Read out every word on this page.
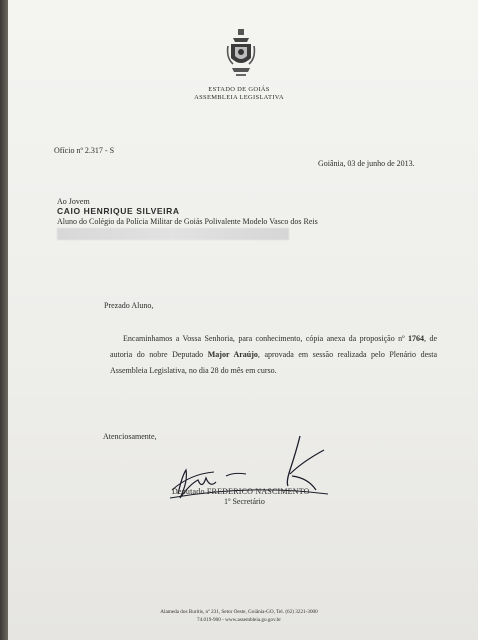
ESTADO DE GOIÁS
ASSEMBLEIA LEGISLATIVA
Ofício nº 2.317 - S
Goiânia, 03 de junho de 2013.
Ao Jovem
CAIO HENRIQUE SILVEIRA
Aluno do Colégio da Polícia Militar de Goiás Polivalente Modelo Vasco dos Reis
Prezado Aluno,
Encaminhamos a Vossa Senhoria, para conhecimento, cópia anexa da proposição nº 1764, de autoria do nobre Deputado Major Araújo, aprovada em sessão realizada pelo Plenário desta Assembleia Legislativa, no dia 28 do mês em curso.
Atenciosamente,
Deputado FREDERICO NASCIMENTO
1º Secretário
Alameda dos Buritis, nº 231, Setor Oeste, Goiânia-GO, Tel. (62) 3221-3000
74.019-900 - www.assembleia.go.gov.br
